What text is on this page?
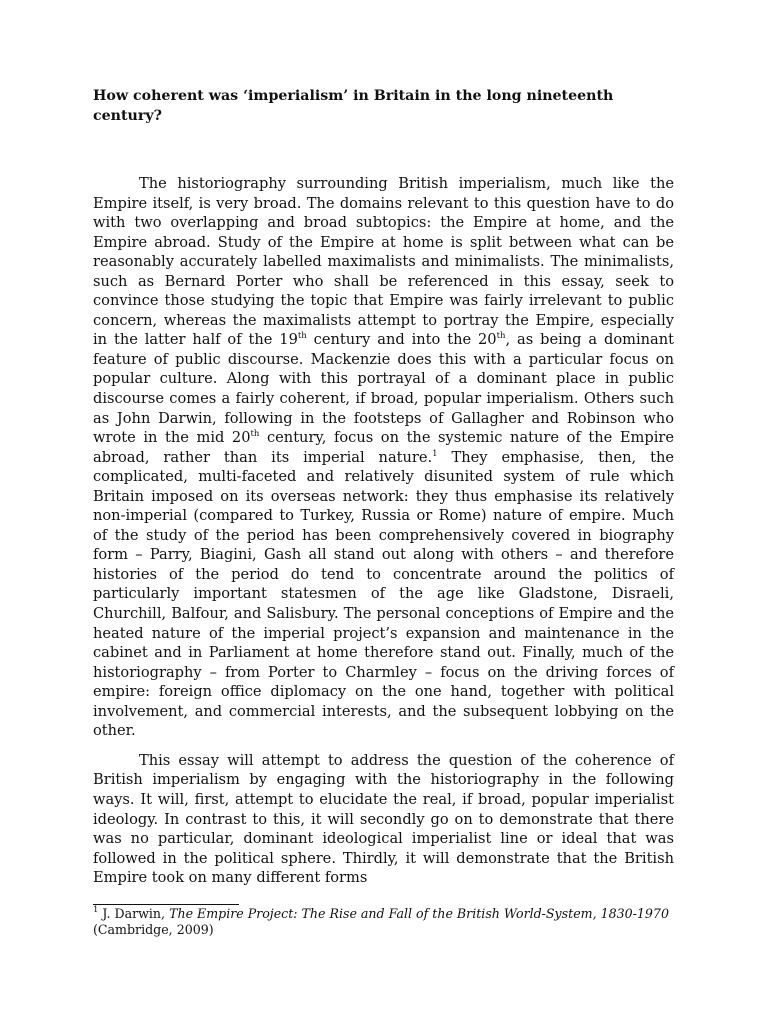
How coherent was ‘imperialism’ in Britain in the long nineteenth century?

The historiography surrounding British imperialism, much like the Empire itself, is very broad. The domains relevant to this question have to do with two overlapping and broad subtopics: the Empire at home, and the Empire abroad. Study of the Empire at home is split between what can be reasonably accurately labelled maximalists and minimalists. The minimalists, such as Bernard Porter who shall be referenced in this essay, seek to convince those studying the topic that Empire was fairly irrelevant to public concern, whereas the maximalists attempt to portray the Empire, especially in the latter half of the 19th century and into the 20th, as being a dominant feature of public discourse. Mackenzie does this with a particular focus on popular culture. Along with this portrayal of a dominant place in public discourse comes a fairly coherent, if broad, popular imperialism. Others such as John Darwin, following in the footsteps of Gallagher and Robinson who wrote in the mid 20th century, focus on the systemic nature of the Empire abroad, rather than its imperial nature.$^1$ They emphasise, then, the complicated, multi-faceted and relatively disunited system of rule which Britain imposed on its overseas network: they thus emphasise its relatively non-imperial (compared to Turkey, Russia or Rome) nature of empire. Much of the study of the period has been comprehensively covered in biography form – Parry, Biagini, Gash all stand out along with others – and therefore histories of the period do tend to concentrate around the politics of particularly important statesmen of the age like Gladstone, Disraeli, Churchill, Balfour, and Salisbury. The personal conceptions of Empire and the heated nature of the imperial project’s expansion and maintenance in the cabinet and in Parliament at home therefore stand out. Finally, much of the historiography – from Porter to Charmley – focus on the driving forces of empire: foreign office diplomacy on the one hand, together with political involvement, and commercial interests, and the subsequent lobbying on the other.

This essay will attempt to address the question of the coherence of British imperialism by engaging with the historiography in the following ways. It will, first, attempt to elucidate the real, if broad, popular imperialist ideology. In contrast to this, it will secondly go on to demonstrate that there was no particular, dominant ideological imperialist line or ideal that was followed in the political sphere. Thirdly, it will demonstrate that the British Empire took on many different forms

$^1$ J. Darwin, The Empire Project: The Rise and Fall of the British World-System, 1830-1970 (Cambridge, 2009)
